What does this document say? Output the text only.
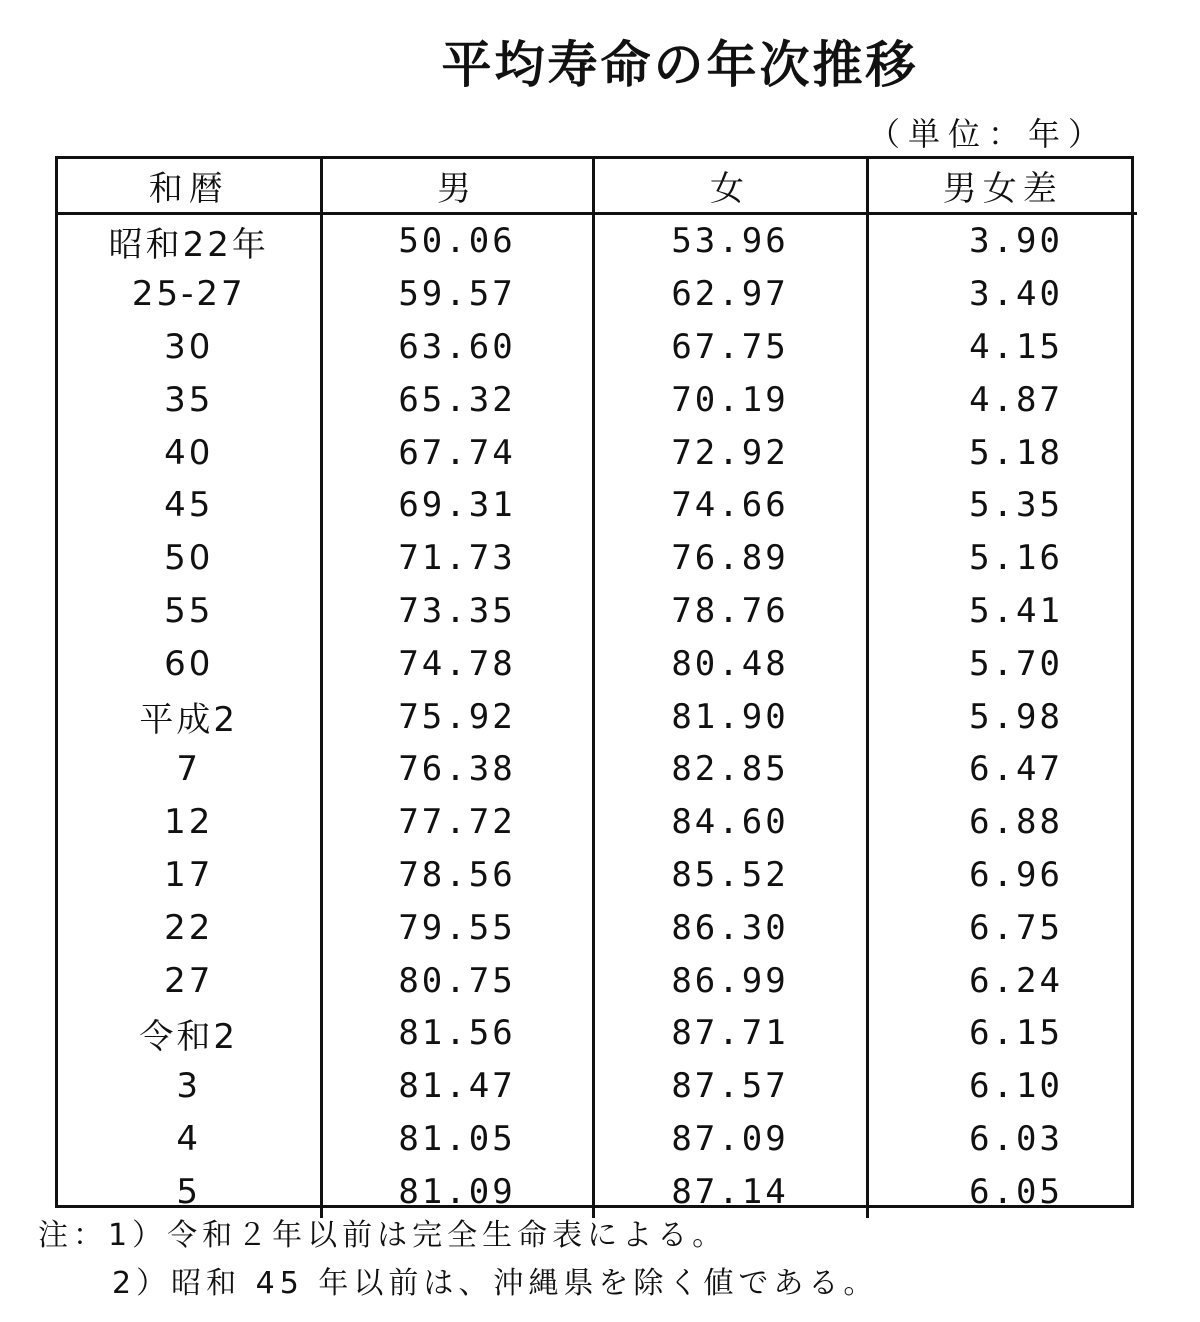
平均寿命の年次推移
（単位：年）
和暦	男	女	男女差
昭和22年	50.06	53.96	3.90
25-27	59.57	62.97	3.40
30	63.60	67.75	4.15
35	65.32	70.19	4.87
40	67.74	72.92	5.18
45	69.31	74.66	5.35
50	71.73	76.89	5.16
55	73.35	78.76	5.41
60	74.78	80.48	5.70
平成2	75.92	81.90	5.98
7	76.38	82.85	6.47
12	77.72	84.60	6.88
17	78.56	85.52	6.96
22	79.55	86.30	6.75
27	80.75	86.99	6.24
令和2	81.56	87.71	6.15
3	81.47	87.57	6.10
4	81.05	87.09	6.03
5	81.09	87.14	6.05
注：1）令和２年以前は完全生命表による。
2）昭和 45 年以前は、沖縄県を除く値である。
